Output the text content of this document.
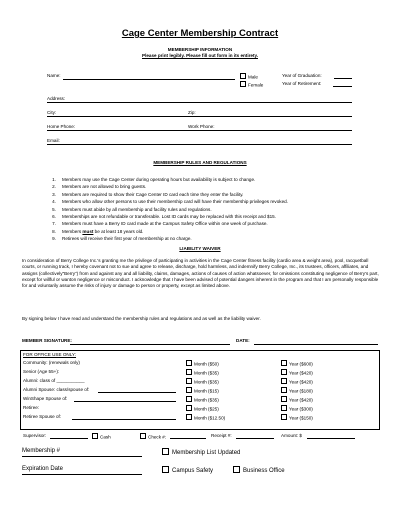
Cage Center Membership Contract
MEMBERSHIP INFORMATION
Please print legibly. Please fill out form in its entirety.
Name:	Male
Female
Year of Graduation:
Year of Retirement:
Address:
City:	Zip:
Home Phone:	Work Phone:
Email:
MEMBERSHIP RULES AND REGULATIONS
1. Members may use the Cage Center during operating hours but availability is subject to change.
2. Members are not allowed to bring guests.
3. Members are required to show their Cage Center ID card each time they enter the facility.
4. Members who allow other persons to use their membership card will have their membership privileges revoked.
5. Members must abide by all membership and facility rules and regulations.
6. Memberships are not refundable or transferable. Lost ID cards may be replaced with this receipt and $15.
7. Members must have a Berry ID card made at the Campus Safety Office within one week of purchase.
8. Members must be at least 18 years old.
9. Retirees will receive their first year of membership at no charge.
LIABILITY WAIVER
In consideration of Berry College Inc.'s granting me the privilege of participating in activities in the Cage Center fitness facility (cardio area & weight area), pool, racquetball courts, or running track, I hereby covenant not to sue and agree to release, discharge, hold harmless, and indemnify Berry College, Inc., its trustees, officers, affiliates, and assigns (collectively“Berry”) from and against any and all liability, claims, damages, actions of causes of action whatsoever, for omissions constituting negligence of Berry's part, except for willful or wanton negligence or misconduct. I acknowledge that I have been advised of potential dangers inherent in the program and that I am personally responsible for and voluntarily assume the risks of injury or damage to person or property, except as limited above.
By signing below I have read and understand the membership rules and regulations and as well as the liability waiver.
MEMBER SIGNATURE:	DATE:
FOR OFFICE USE ONLY:
Community: (renewals only)	Month ($50)	Year ($600)
Senior (Age 55+):	Month ($35)	Year ($420)
Alumni: class of ___________	Month ($35)	Year ($420)
Alumni Spouse: class/spouse of:	Month ($15)	Year ($180)
WinShape Spouse of:	Month ($35)	Year ($420)
Retiree:	Month ($25)	Year ($300)
Retiree Spouse of:	Month ($12.50)	Year ($150)
Supervisor:	Cash	Check #:	Receipt #:	Amount: $
Membership #	Membership List Updated
Expiration Date	Campus Safety	Business Office
